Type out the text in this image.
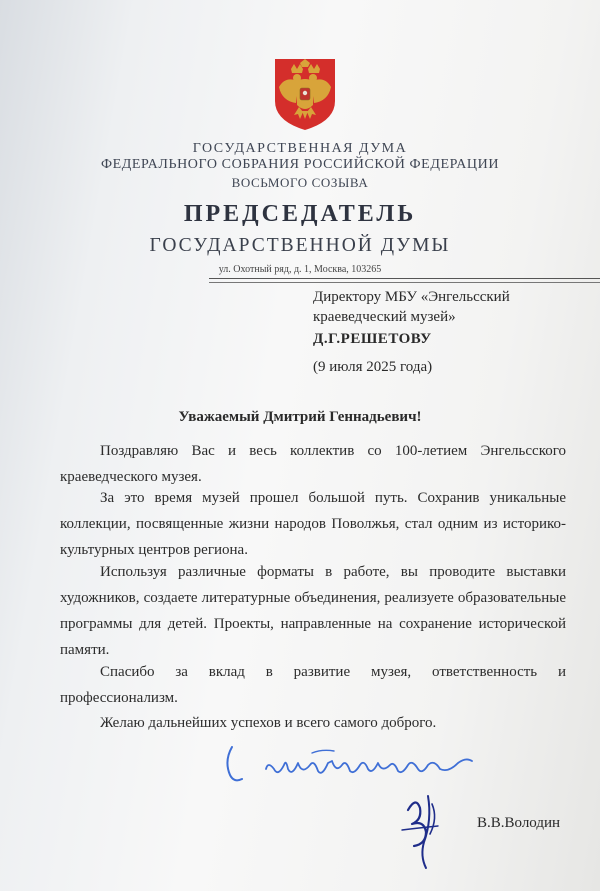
ГОСУДАРСТВЕННАЯ ДУМА
ФЕДЕРАЛЬНОГО СОБРАНИЯ РОССИЙСКОЙ ФЕДЕРАЦИИ
ВОСЬМОГО СОЗЫВА
ПРЕДСЕДАТЕЛЬ
ГОСУДАРСТВЕННОЙ ДУМЫ
ул. Охотный ряд, д. 1, Москва, 103265
Директору МБУ «Энгельсский
краеведческий музей»
Д.Г.РЕШЕТОВУ
(9 июля 2025 года)
Уважаемый Дмитрий Геннадьевич!

Поздравляю Вас и весь коллектив со 100-летием Энгельсского краеведческого музея.

За это время музей прошел большой путь. Сохранив уникальные коллекции, посвященные жизни народов Поволжья, стал одним из историко-культурных центров региона.

Используя различные форматы в работе, вы проводите выставки художников, создаете литературные объединения, реализуете образовательные программы для детей. Проекты, направленные на сохранение исторической памяти.

Спасибо за вклад в развитие музея, ответственность и профессионализм.

Желаю дальнейших успехов и всего самого доброго.

В.В.Володин
